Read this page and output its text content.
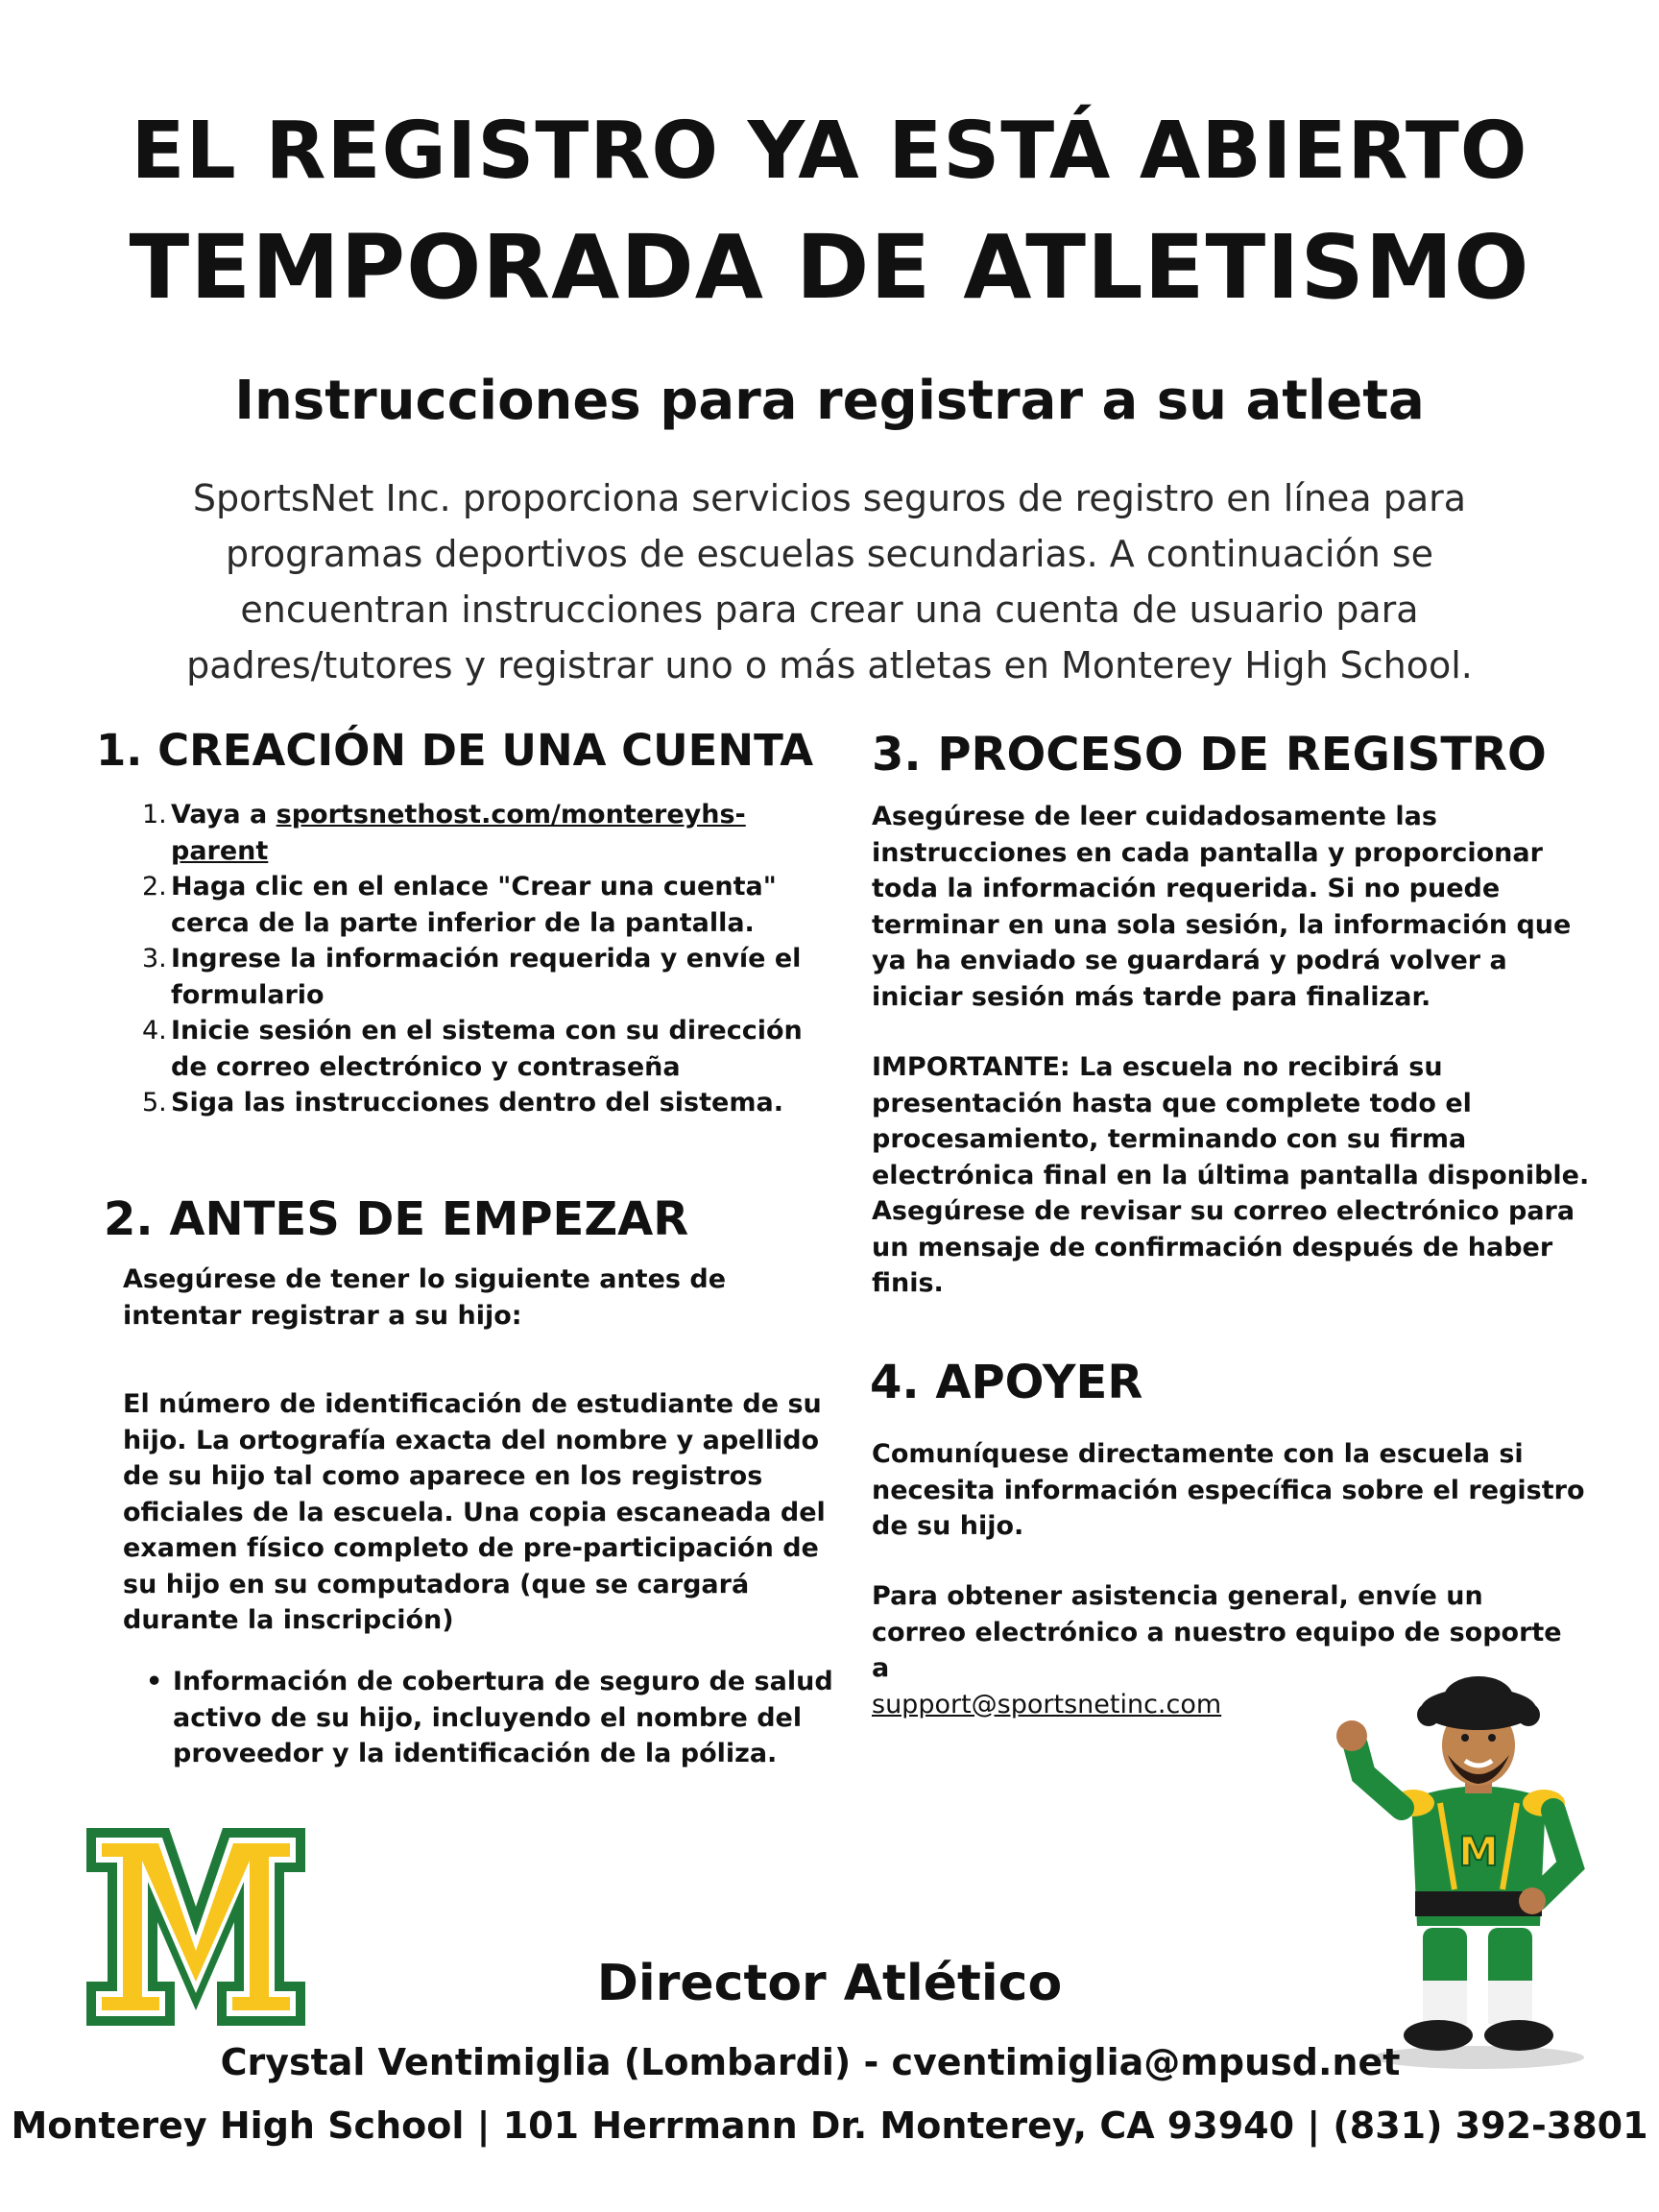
EL REGISTRO YA ESTÁ ABIERTO
TEMPORADA DE ATLETISMO
Instrucciones para registrar a su atleta
SportsNet Inc. proporciona servicios seguros de registro en línea para programas deportivos de escuelas secundarias. A continuación se encuentran instrucciones para crear una cuenta de usuario para padres/tutores y registrar uno o más atletas en Monterey High School.
1. CREACIÓN DE UNA CUENTA
1. Vaya a sportsnethost.com/montereyhs-parent
2. Haga clic en el enlace "Crear una cuenta" cerca de la parte inferior de la pantalla.
3. Ingrese la información requerida y envíe el formulario
4. Inicie sesión en el sistema con su dirección de correo electrónico y contraseña
5. Siga las instrucciones dentro del sistema.
2. ANTES DE EMPEZAR
Asegúrese de tener lo siguiente antes de intentar registrar a su hijo:
El número de identificación de estudiante de su hijo. La ortografía exacta del nombre y apellido de su hijo tal como aparece en los registros oficiales de la escuela. Una copia escaneada del examen físico completo de pre-participación de su hijo en su computadora (que se cargará durante la inscripción)
• Información de cobertura de seguro de salud activo de su hijo, incluyendo el nombre del proveedor y la identificación de la póliza.
3. PROCESO DE REGISTRO
Asegúrese de leer cuidadosamente las instrucciones en cada pantalla y proporcionar toda la información requerida. Si no puede terminar en una sola sesión, la información que ya ha enviado se guardará y podrá volver a iniciar sesión más tarde para finalizar.
IMPORTANTE: La escuela no recibirá su presentación hasta que complete todo el procesamiento, terminando con su firma electrónica final en la última pantalla disponible. Asegúrese de revisar su correo electrónico para un mensaje de confirmación después de haber finis.
4. APOYER
Comuníquese directamente con la escuela si necesita información específica sobre el registro de su hijo.
Para obtener asistencia general, envíe un correo electrónico a nuestro equipo de soporte a
support@sportsnetinc.com
M
Director Atlético
Crystal Ventimiglia (Lombardi) - cventimiglia@mpusd.net
Monterey High School | 101 Herrmann Dr. Monterey, CA 93940 | (831) 392-3801
